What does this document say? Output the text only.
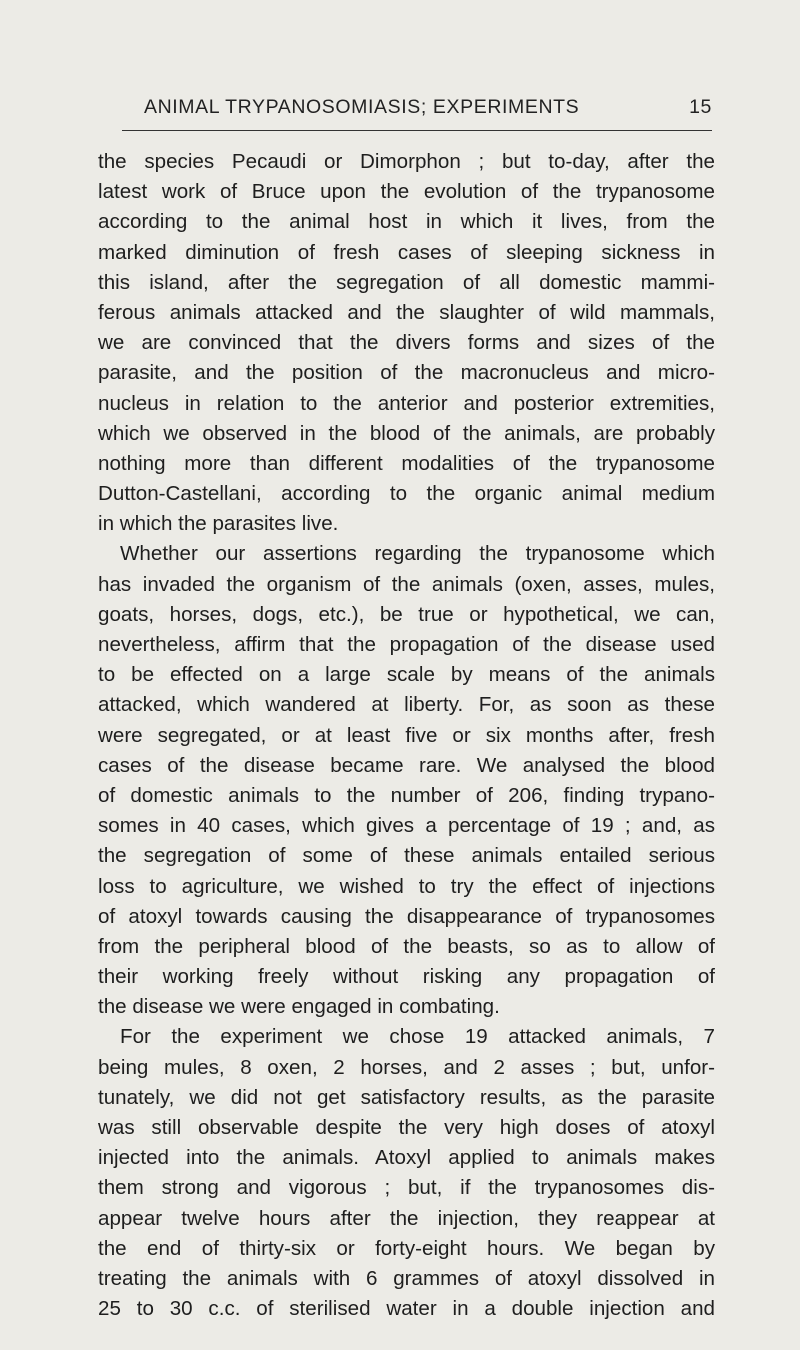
ANIMAL TRYPANOSOMIASIS; EXPERIMENTS	15
the species Pecaudi or Dimorphon ; but to-day, after the
latest work of Bruce upon the evolution of the trypanosome
according to the animal host in which it lives, from the
marked diminution of fresh cases of sleeping sickness in
this island, after the segregation of all domestic mammi-
ferous animals attacked and the slaughter of wild mammals,
we are convinced that the divers forms and sizes of the
parasite, and the position of the macronucleus and micro-
nucleus in relation to the anterior and posterior extremities,
which we observed in the blood of the animals, are probably
nothing more than different modalities of the trypanosome
Dutton-Castellani, according to the organic animal medium
in which the parasites live.
Whether our assertions regarding the trypanosome which
has invaded the organism of the animals (oxen, asses, mules,
goats, horses, dogs, etc.), be true or hypothetical, we can,
nevertheless, affirm that the propagation of the disease used
to be effected on a large scale by means of the animals
attacked, which wandered at liberty. For, as soon as these
were segregated, or at least five or six months after, fresh
cases of the disease became rare. We analysed the blood
of domestic animals to the number of 206, finding trypano-
somes in 40 cases, which gives a percentage of 19 ; and, as
the segregation of some of these animals entailed serious
loss to agriculture, we wished to try the effect of injections
of atoxyl towards causing the disappearance of trypanosomes
from the peripheral blood of the beasts, so as to allow of
their working freely without risking any propagation of
the disease we were engaged in combating.
For the experiment we chose 19 attacked animals, 7
being mules, 8 oxen, 2 horses, and 2 asses ; but, unfor-
tunately, we did not get satisfactory results, as the parasite
was still observable despite the very high doses of atoxyl
injected into the animals. Atoxyl applied to animals makes
them strong and vigorous ; but, if the trypanosomes dis-
appear twelve hours after the injection, they reappear at
the end of thirty-six or forty-eight hours. We began by
treating the animals with 6 grammes of atoxyl dissolved in
25 to 30 c.c. of sterilised water in a double injection and
